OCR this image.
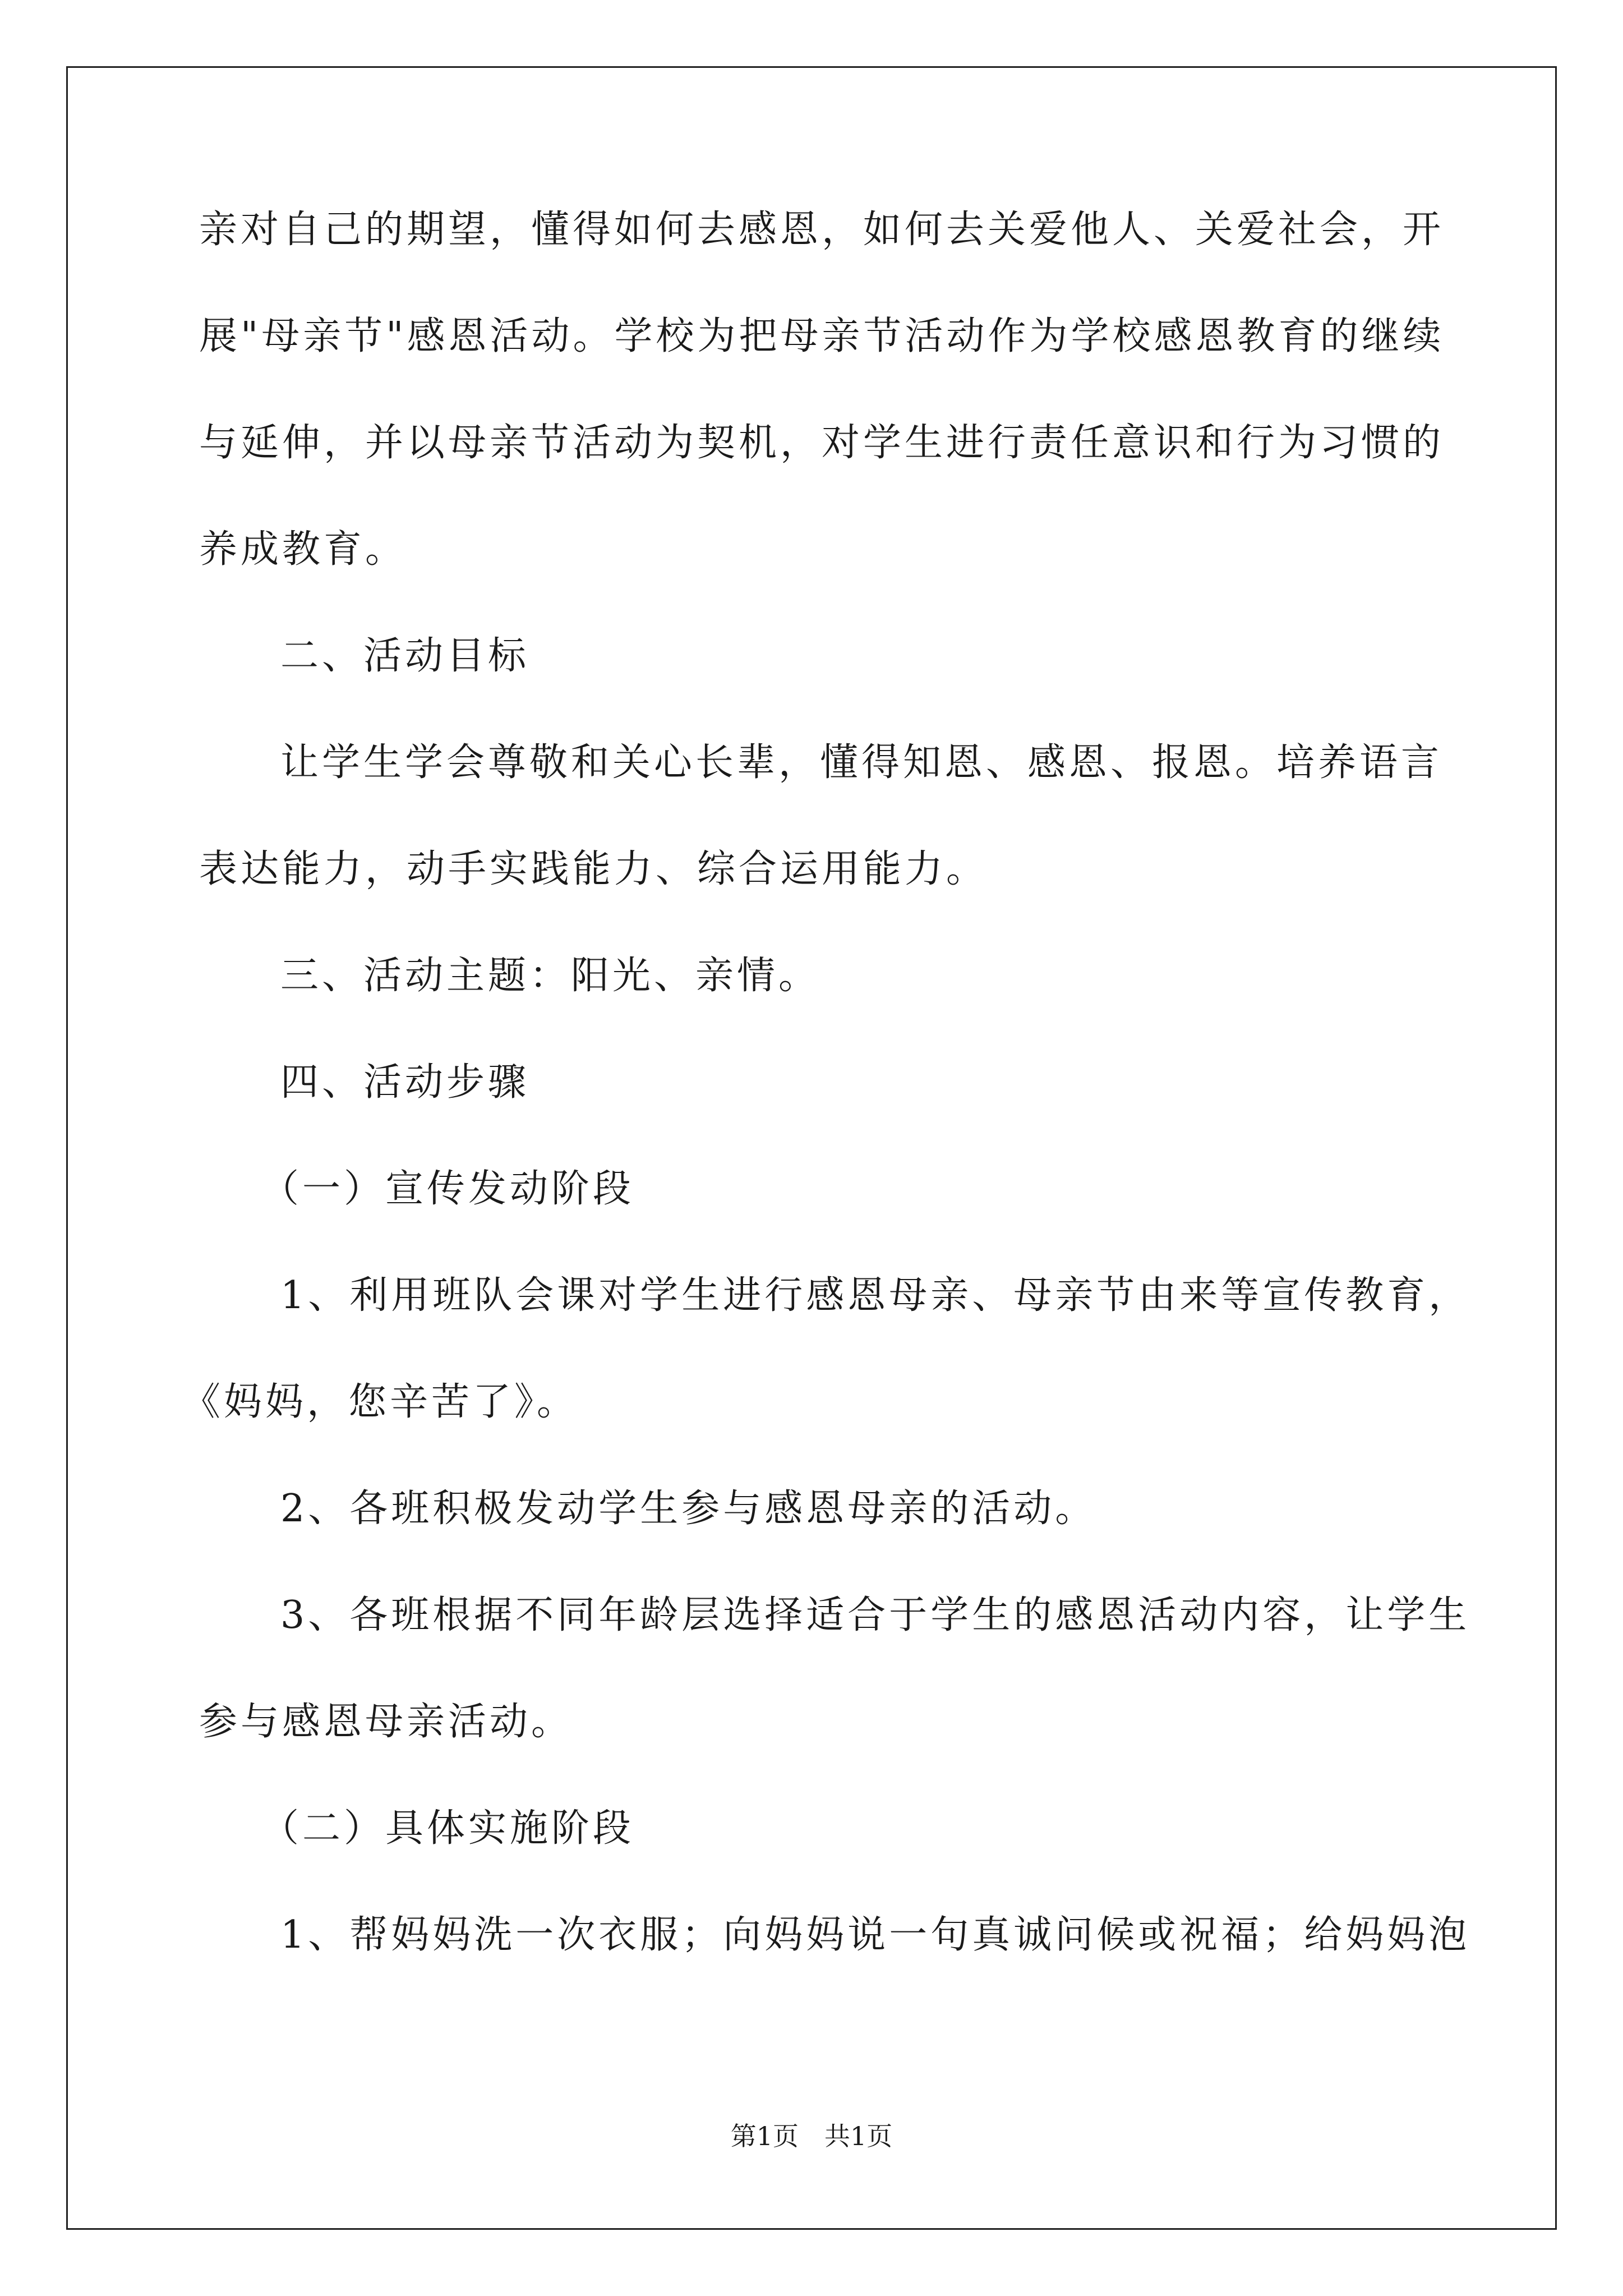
亲对自己的期望，懂得如何去感恩，如何去关爱他人、关爱社会，开
展"母亲节"感恩活动。学校为把母亲节活动作为学校感恩教育的继续
与延伸，并以母亲节活动为契机，对学生进行责任意识和行为习惯的
养成教育。
二、活动目标
让学生学会尊敬和关心长辈，懂得知恩、感恩、报恩。培养语言
表达能力，动手实践能力、综合运用能力。
三、活动主题：阳光、亲情。
四、活动步骤
（一）宣传发动阶段
1、利用班队会课对学生进行感恩母亲、母亲节由来等宣传教育，
《妈妈，您辛苦了》。
2、各班积极发动学生参与感恩母亲的活动。
3、各班根据不同年龄层选择适合于学生的感恩活动内容，让学生
参与感恩母亲活动。
（二）具体实施阶段
1、帮妈妈洗一次衣服；向妈妈说一句真诚问候或祝福；给妈妈泡
第1页　共1页
